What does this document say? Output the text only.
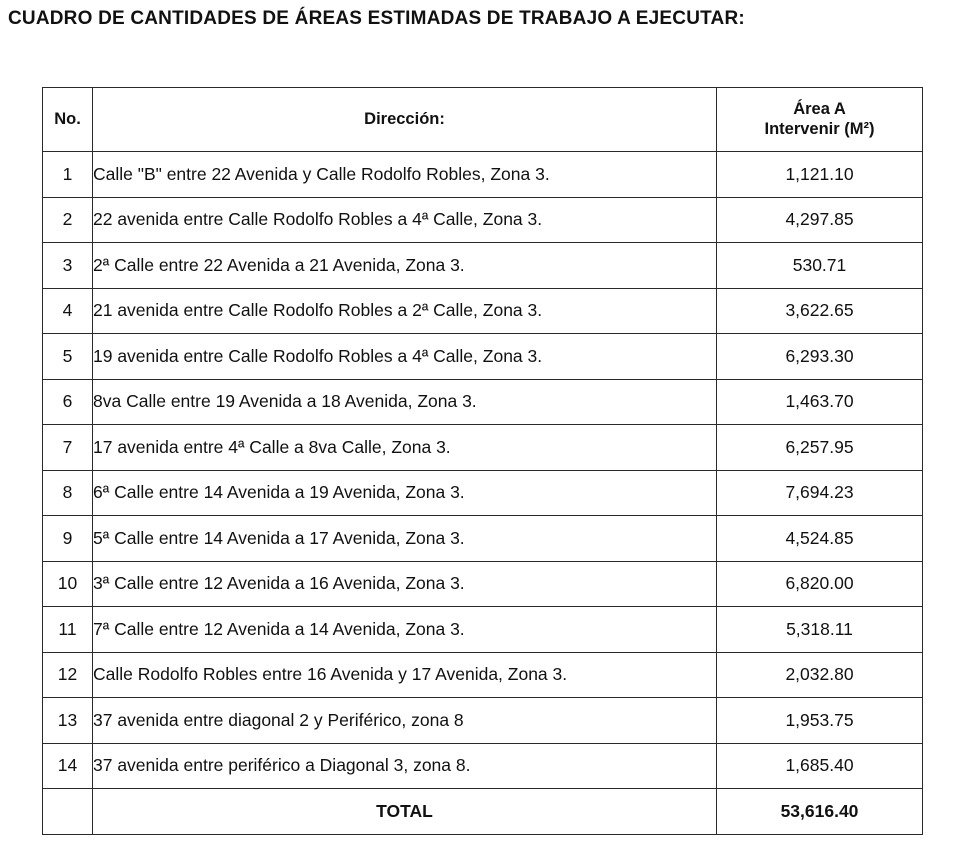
CUADRO DE CANTIDADES DE ÁREAS ESTIMADAS DE TRABAJO A EJECUTAR:
No.	Dirección:	Área A
Intervenir (M²)

1	Calle "B" entre 22 Avenida y Calle Rodolfo Robles, Zona 3.	1,121.10
2	22 avenida entre Calle Rodolfo Robles a 4ª Calle, Zona 3.	4,297.85
3	2ª Calle entre 22 Avenida a 21 Avenida, Zona 3.	530.71
4	21 avenida entre Calle Rodolfo Robles a 2ª Calle, Zona 3.	3,622.65
5	19 avenida entre Calle Rodolfo Robles a 4ª Calle, Zona 3.	6,293.30
6	8va Calle entre 19 Avenida a 18 Avenida, Zona 3.	1,463.70
7	17 avenida entre 4ª Calle a 8va Calle, Zona 3.	6,257.95
8	6ª Calle entre 14 Avenida a 19 Avenida, Zona 3.	7,694.23
9	5ª Calle entre 14 Avenida a 17 Avenida, Zona 3.	4,524.85
10	3ª Calle entre 12 Avenida a 16 Avenida, Zona 3.	6,820.00
11	7ª Calle entre 12 Avenida a 14 Avenida, Zona 3.	5,318.11
12	Calle Rodolfo Robles entre 16 Avenida y 17 Avenida, Zona 3.	2,032.80
13	37 avenida entre diagonal 2 y Periférico, zona 8	1,953.75
14	37 avenida entre periférico a Diagonal 3, zona 8.	1,685.40
	TOTAL	53,616.40
